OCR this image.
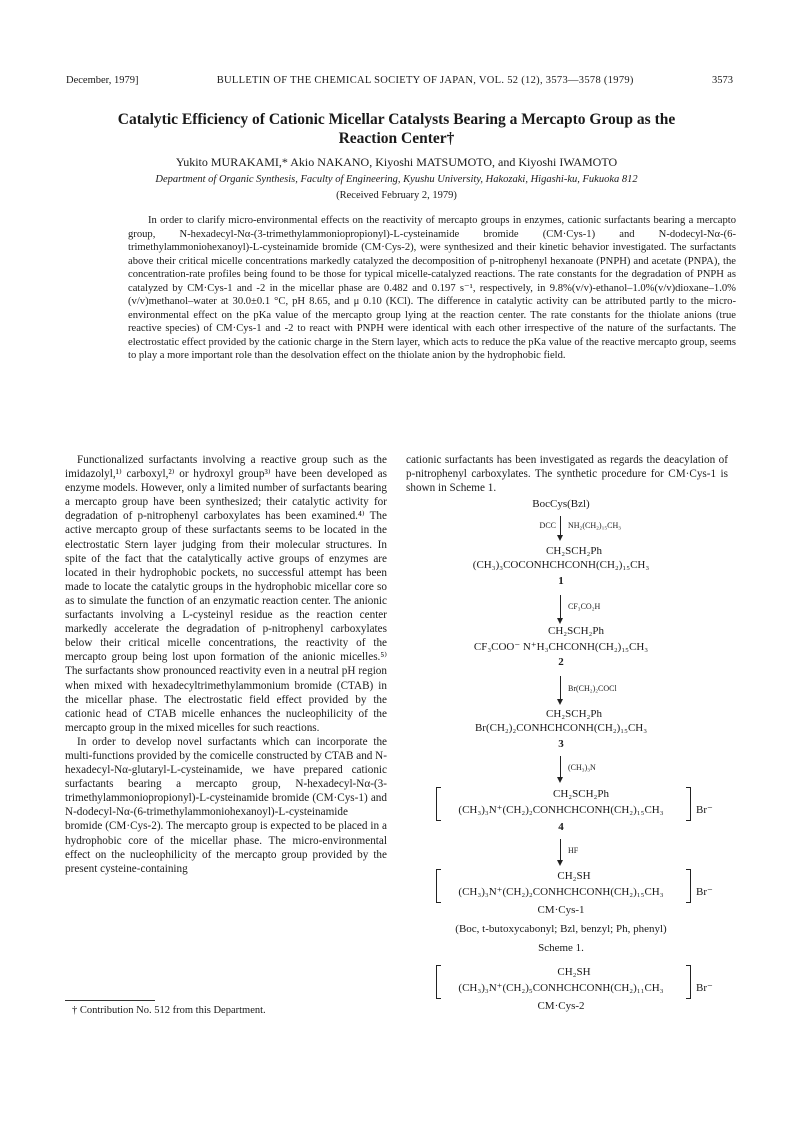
December, 1979]	BULLETIN OF THE CHEMICAL SOCIETY OF JAPAN, VOL. 52 (12), 3573—3578 (1979)	3573
Catalytic Efficiency of Cationic Micellar Catalysts Bearing a Mercapto Group as the Reaction Center†
Yukito MURAKAMI,* Akio NAKANO, Kiyoshi MATSUMOTO, and Kiyoshi IWAMOTO
Department of Organic Synthesis, Faculty of Engineering, Kyushu University, Hakozaki, Higashi-ku, Fukuoka 812
(Received February 2, 1979)

In order to clarify micro-environmental effects on the reactivity of mercapto groups in enzymes, cationic surfactants bearing a mercapto group, N-hexadecyl-Nα-(3-trimethylammoniopropionyl)-L-cysteinamide bromide (CM·Cys-1) and N-dodecyl-Nα-(6-trimethylammoniohexanoyl)-L-cysteinamide bromide (CM·Cys-2), were synthesized and their kinetic behavior investigated. The surfactants above their critical micelle concentrations markedly catalyzed the decomposition of p-nitrophenyl hexanoate (PNPH) and acetate (PNPA), the concentration-rate profiles being found to be those for typical micelle-catalyzed reactions. The rate constants for the degradation of PNPH as catalyzed by CM·Cys-1 and -2 in the micellar phase are 0.482 and 0.197 s⁻¹, respectively, in 9.8%(v/v)-ethanol–1.0%(v/v)dioxane–1.0%(v/v)methanol–water at 30.0±0.1 °C, pH 8.65, and μ 0.10 (KCl). The difference in catalytic activity can be attributed partly to the micro-environmental effect on the pKa value of the mercapto group lying at the reaction center. The rate constants for the thiolate anions (true reactive species) of CM·Cys-1 and -2 to react with PNPH were identical with each other irrespective of the nature of the surfactants. The electrostatic effect provided by the cationic charge in the Stern layer, which acts to reduce the pKa value of the reactive mercapto group, seems to play a more important role than the desolvation effect on the thiolate anion by the hydrophobic field.

Functionalized surfactants involving a reactive group such as the imidazolyl,¹⁾ carboxyl,²⁾ or hydroxyl group³⁾ have been developed as enzyme models. However, only a limited number of surfactants bearing a mercapto group have been synthesized; their catalytic activity for degradation of p-nitrophenyl carboxylates has been examined.⁴⁾ The active mercapto group of these surfactants seems to be located in the electrostatic Stern layer judging from their molecular structures. In spite of the fact that the catalytically active groups of enzymes are located in their hydrophobic pockets, no successful attempt has been made to locate the catalytic groups in the hydrophobic micellar core so as to simulate the function of an enzymatic reaction center. The anionic surfactants involving a L-cysteinyl residue as the reaction center markedly accelerate the degradation of p-nitrophenyl carboxylates below their critical micelle concentrations, the reactivity of the mercapto group being lost upon formation of the anionic micelles.⁵⁾ The surfactants show pronounced reactivity even in a neutral pH region when mixed with hexadecyltrimethylammonium bromide (CTAB) in the micellar phase. The electrostatic field effect provided by the cationic head of CTAB micelle enhances the nucleophilicity of the mercapto group in the mixed micelles for such reactions.

In order to develop novel surfactants which can incorporate the multi-functions provided by the comicelle constructed by CTAB and N-hexadecyl-Nα-glutaryl-L-cysteinamide, we have prepared cationic surfactants bearing a mercapto group, N-hexadecyl-Nα-(3-trimethylammoniopropionyl)-L-cysteinamide bromide (CM·Cys-1) and N-dodecyl-Nα-(6-trimethylammoniohexanoyl)-L-cysteinamide bromide (CM·Cys-2). The mercapto group is expected to be placed in a hydrophobic core of the micellar phase. The micro-environmental effect on the nucleophilicity of the mercapto group provided by the present cysteine-containing

cationic surfactants has been investigated as regards the deacylation of p-nitrophenyl carboxylates. The synthetic procedure for CM·Cys-1 is shown in Scheme 1.

BocCys(Bzl)
DCC NH₂(CH₂)₁₅CH₃
CH₂SCH₂Ph
(CH₃)₃COCONHCHCONH(CH₂)₁₅CH₃
1
CF₃CO₂H
CH₂SCH₂Ph
CF₃COO⁻ N⁺H₃CHCONH(CH₂)₁₅CH₃
2
Br(CH₂)₂COCl
CH₂SCH₂Ph
Br(CH₂)₂CONHCHCONH(CH₂)₁₅CH₃
3
(CH₃)₃N
CH₂SCH₂Ph
(CH₃)₃N⁺(CH₂)₂CONHCHCONH(CH₂)₁₅CH₃	Br⁻
4
HF
CH₂SH
(CH₃)₃N⁺(CH₂)₂CONHCHCONH(CH₂)₁₅CH₃	Br⁻
CM·Cys-1
(Boc, t-butoxycabonyl; Bzl, benzyl; Ph, phenyl)
Scheme 1.
CH₂SH
(CH₃)₃N⁺(CH₂)₅CONHCHCONH(CH₂)₁₁CH₃	Br⁻
CM·Cys-2
† Contribution No. 512 from this Department.
